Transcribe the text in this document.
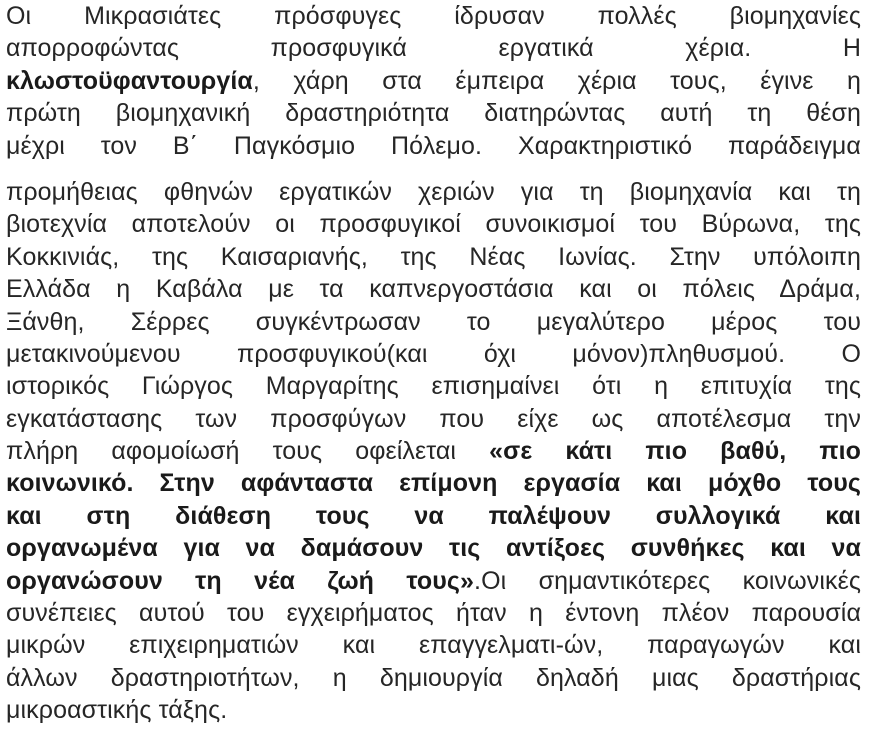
Οι Μικρασιάτες πρόσφυγες ίδρυσαν πολλές βιομηχανίες
απορροφώντας προσφυγικά εργατικά χέρια. Η
κλωστοϋφαντουργία, χάρη στα έμπειρα χέρια τους, έγινε η
πρώτη βιομηχανική δραστηριότητα διατηρώντας αυτή τη θέση
μέχρι τον Β΄ Παγκόσμιο Πόλεμο. Χαρακτηριστικό παράδειγμα
προμήθειας φθηνών εργατικών χεριών για τη βιομηχανία και τη
βιοτεχνία αποτελούν οι προσφυγικοί συνοικισμοί του Βύρωνα, της
Κοκκινιάς, της Καισαριανής, της Νέας Ιωνίας. Στην υπόλοιπη
Ελλάδα η Καβάλα με τα καπνεργοστάσια και οι πόλεις Δράμα,
Ξάνθη, Σέρρες συγκέντρωσαν το μεγαλύτερο μέρος του
μετακινούμενου προσφυγικού(και όχι μόνον)πληθυσμού. Ο
ιστορικός Γιώργος Μαργαρίτης επισημαίνει ότι η επιτυχία της
εγκατάστασης των προσφύγων που είχε ως αποτέλεσμα την
πλήρη αφομοίωσή τους οφείλεται «σε κάτι πιο βαθύ, πιο
κοινωνικό. Στην αφάνταστα επίμονη εργασία και μόχθο τους
και στη διάθεση τους να παλέψουν συλλογικά και
οργανωμένα για να δαμάσουν τις αντίξοες συνθήκες και να
οργανώσουν τη νέα ζωή τους».Οι σημαντικότερες κοινωνικές
συνέπειες αυτού του εγχειρήματος ήταν η έντονη πλέον παρουσία
μικρών επιχειρηματιών και επαγγελματι-ών, παραγωγών και
άλλων δραστηριοτήτων, η δημιουργία δηλαδή μιας δραστήριας
μικροαστικής τάξης.
